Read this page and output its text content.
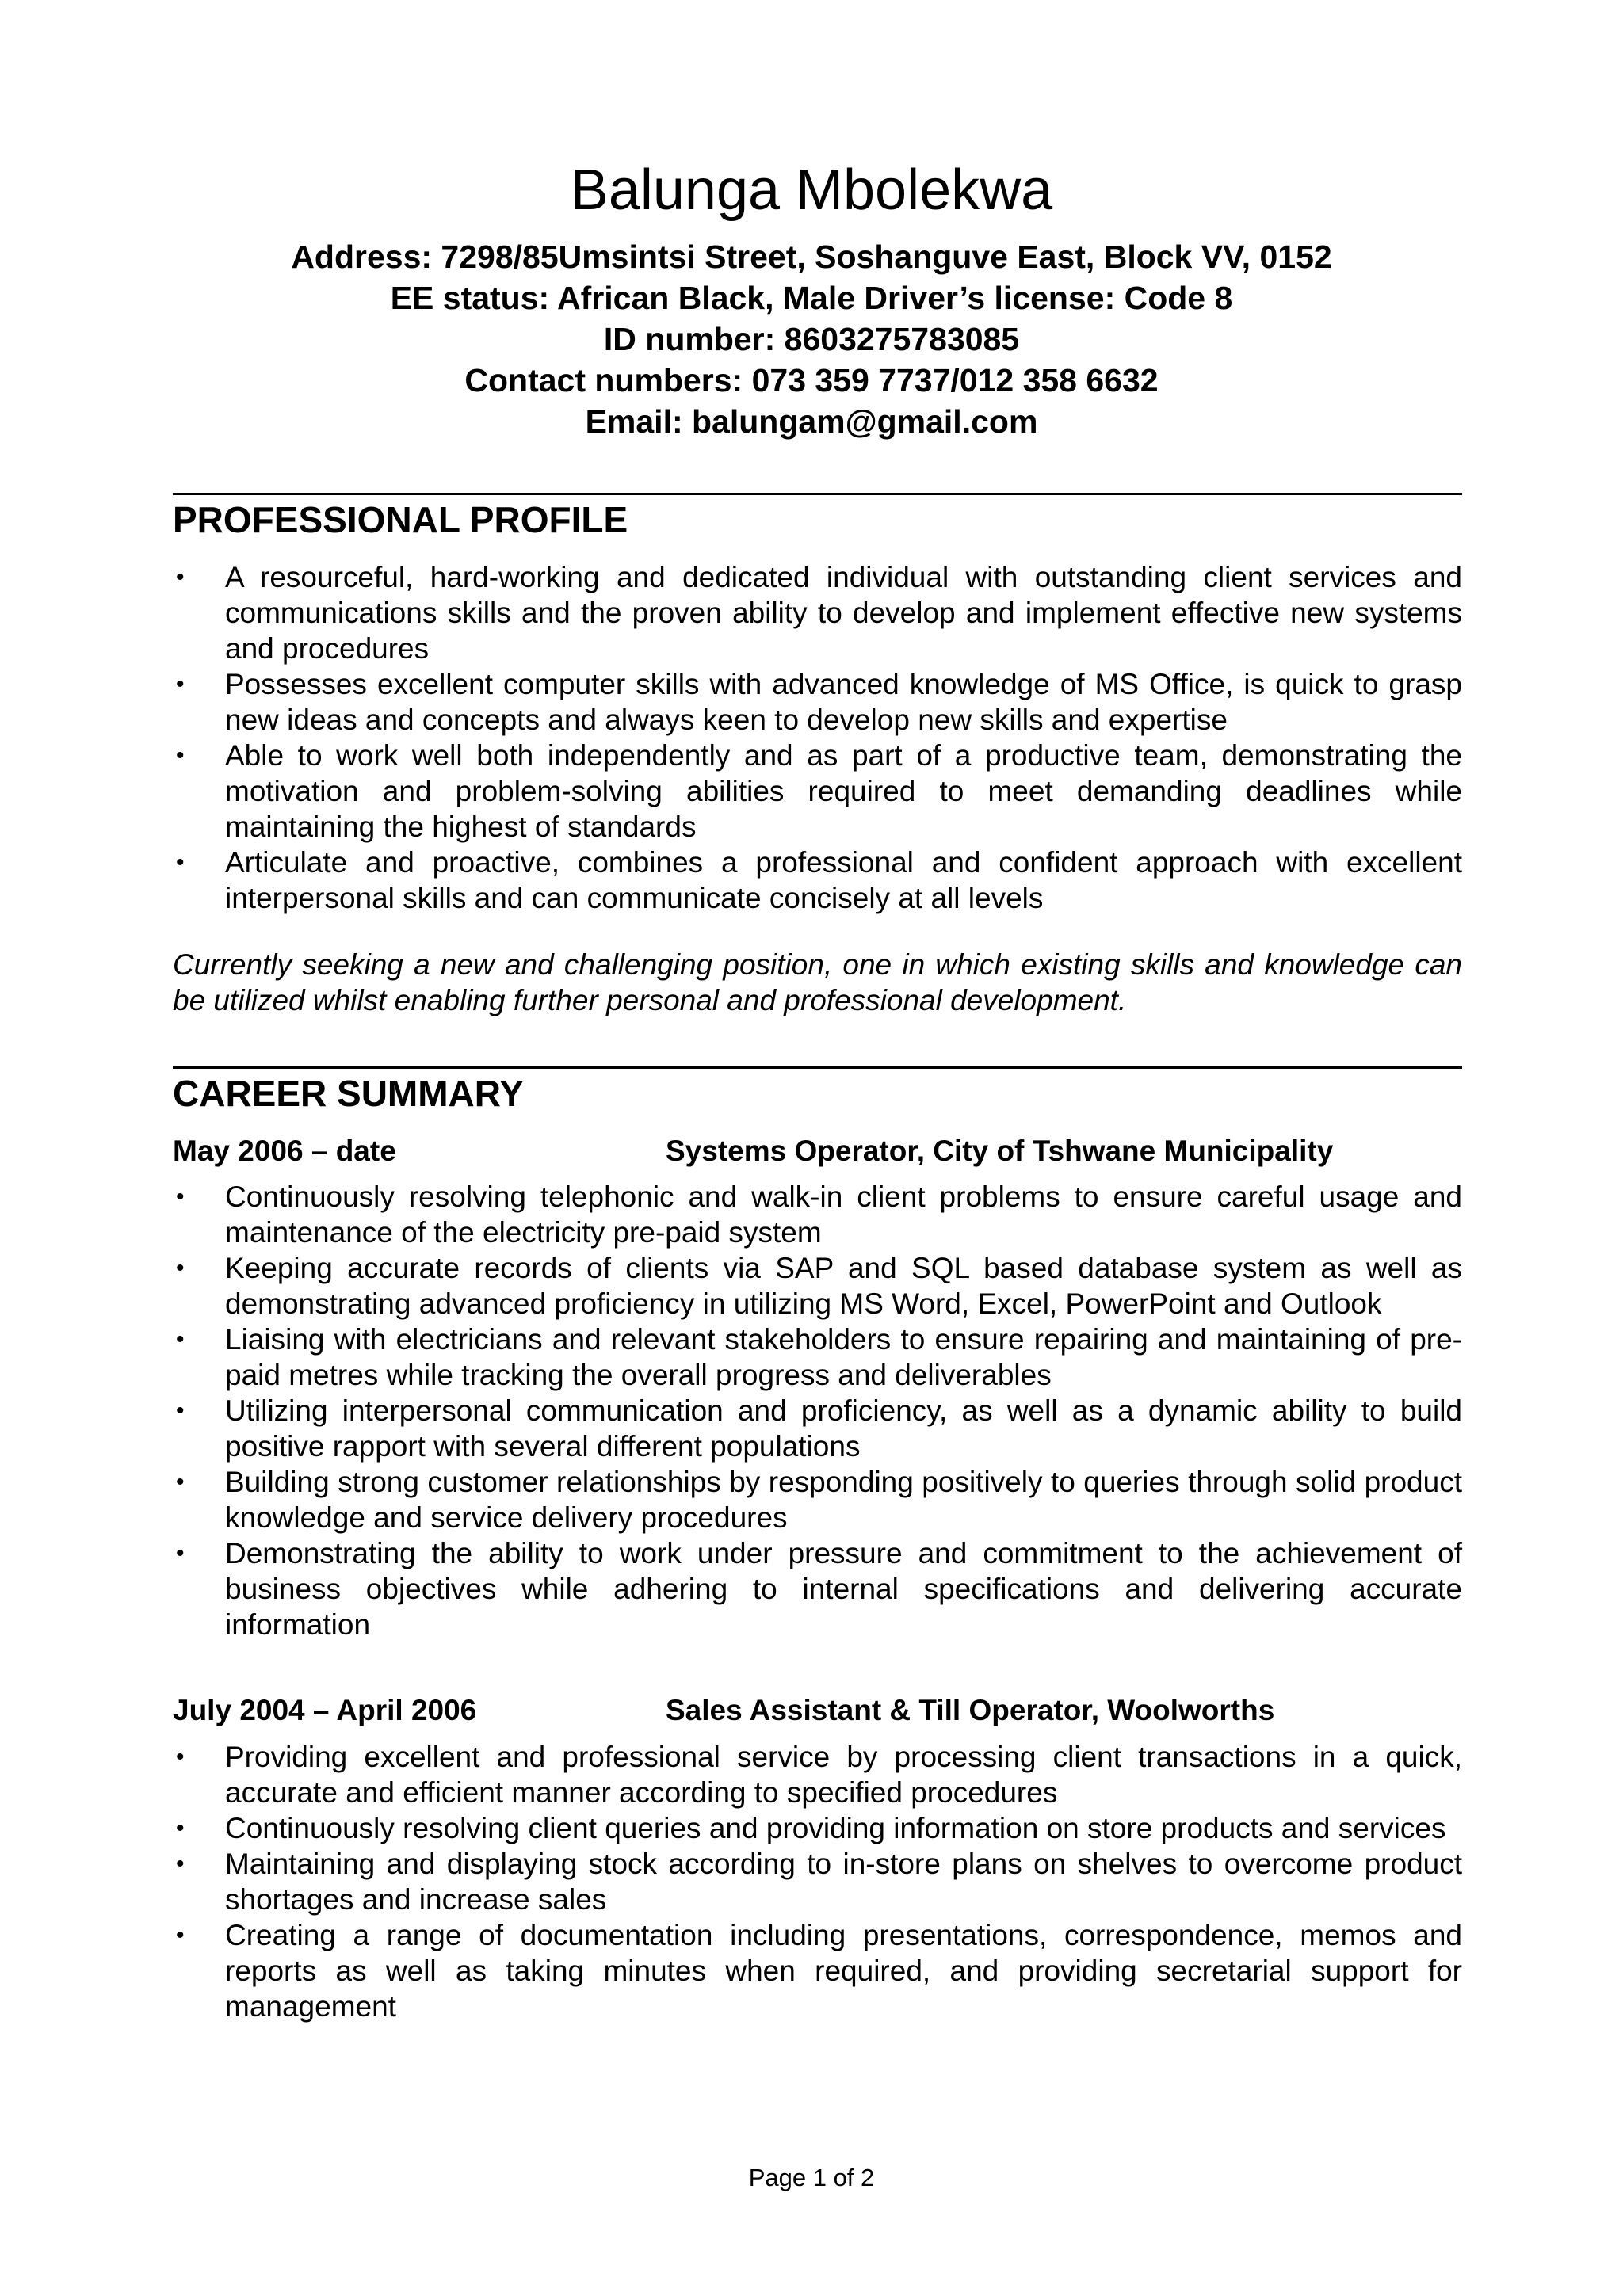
Balunga Mbolekwa
Address: 7298/85Umsintsi Street, Soshanguve East, Block VV, 0152
EE status: African Black, Male Driver’s license: Code 8
ID number: 8603275783085
Contact numbers: 073 359 7737/012 358 6632
Email: balungam@gmail.com
PROFESSIONAL PROFILE
• A resourceful, hard-working and dedicated individual with outstanding client services and communications skills and the proven ability to develop and implement effective new systems and procedures
• Possesses excellent computer skills with advanced knowledge of MS Office, is quick to grasp new ideas and concepts and always keen to develop new skills and expertise
• Able to work well both independently and as part of a productive team, demonstrating the motivation and problem-solving abilities required to meet demanding deadlines while maintaining the highest of standards
• Articulate and proactive, combines a professional and confident approach with excellent interpersonal skills and can communicate concisely at all levels
Currently seeking a new and challenging position, one in which existing skills and knowledge can be utilized whilst enabling further personal and professional development.
CAREER SUMMARY
May 2006 – date	Systems Operator, City of Tshwane Municipality
• Continuously resolving telephonic and walk-in client problems to ensure careful usage and maintenance of the electricity pre-paid system
• Keeping accurate records of clients via SAP and SQL based database system as well as demonstrating advanced proficiency in utilizing MS Word, Excel, PowerPoint and Outlook
• Liaising with electricians and relevant stakeholders to ensure repairing and maintaining of pre-paid metres while tracking the overall progress and deliverables
• Utilizing interpersonal communication and proficiency, as well as a dynamic ability to build positive rapport with several different populations
• Building strong customer relationships by responding positively to queries through solid product knowledge and service delivery procedures
• Demonstrating the ability to work under pressure and commitment to the achievement of business objectives while adhering to internal specifications and delivering accurate information
July 2004 – April 2006	Sales Assistant & Till Operator, Woolworths
• Providing excellent and professional service by processing client transactions in a quick, accurate and efficient manner according to specified procedures
• Continuously resolving client queries and providing information on store products and services
• Maintaining and displaying stock according to in-store plans on shelves to overcome product shortages and increase sales
• Creating a range of documentation including presentations, correspondence, memos and reports as well as taking minutes when required, and providing secretarial support for management
Page 1 of 2
